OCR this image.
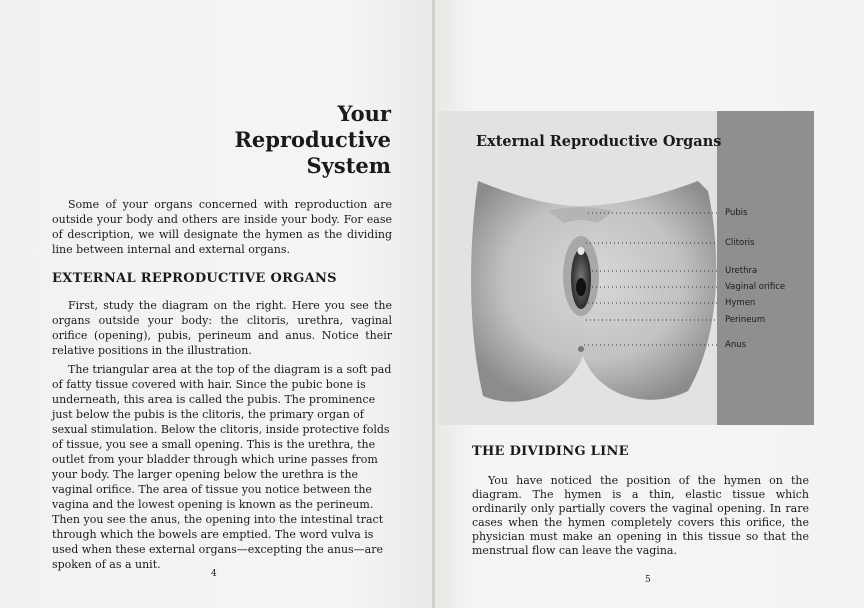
Your
Reproductive
System

Some of your organs concerned with reproduction are outside your body and others are inside your body. For ease of description, we will designate the hymen as the dividing line between internal and external organs.

EXTERNAL REPRODUCTIVE ORGANS

First, study the diagram on the right. Here you see the organs outside your body: the clitoris, urethra, vaginal orifice (opening), pubis, perineum and anus. Notice their relative positions in the illustration.

The triangular area at the top of the diagram is a soft pad of fatty tissue covered with hair. Since the pubic bone is underneath, this area is called the pubis. The prominence just below the pubis is the clitoris, the primary organ of sexual stimulation. Below the clitoris, inside protective folds of tissue, you see a small opening. This is the urethra, the outlet from your bladder through which urine passes from your body. The larger opening below the urethra is the vaginal orifice. The area of tissue you notice between the vagina and the lowest opening is known as the perineum. Then you see the anus, the opening into the intestinal tract through which the bowels are emptied. The word vulva is used when these external organs—excepting the anus—are spoken of as a unit.

4
External Reproductive Organs
Pubis
Clitoris
Urethra
Vaginal orifice
Hymen
Perineum
Anus
THE DIVIDING LINE

You have noticed the position of the hymen on the diagram. The hymen is a thin, elastic tissue which ordinarily only partially covers the vaginal opening. In rare cases when the hymen completely covers this orifice, the physician must make an opening in this tissue so that the menstrual flow can leave the vagina.

5
